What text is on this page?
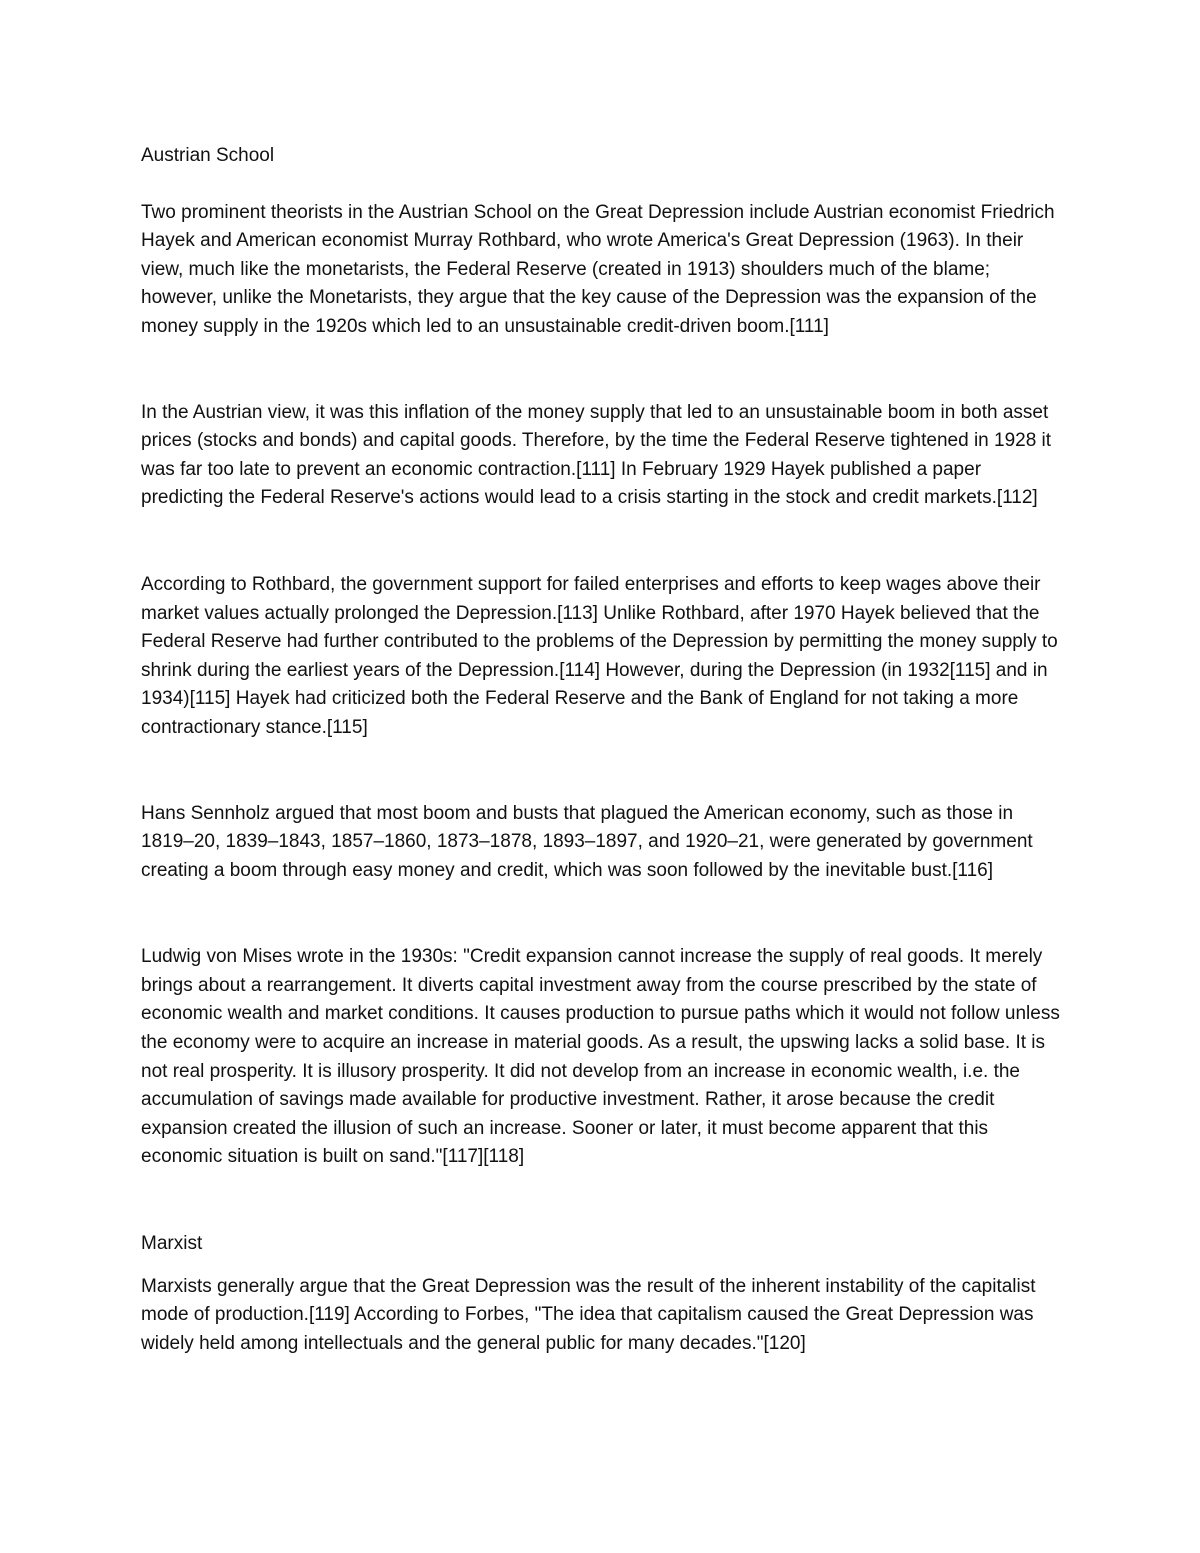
Austrian School

Two prominent theorists in the Austrian School on the Great Depression include Austrian economist Friedrich Hayek and American economist Murray Rothbard, who wrote America's Great Depression (1963). In their view, much like the monetarists, the Federal Reserve (created in 1913) shoulders much of the blame; however, unlike the Monetarists, they argue that the key cause of the Depression was the expansion of the money supply in the 1920s which led to an unsustainable credit-driven boom.[111]

In the Austrian view, it was this inflation of the money supply that led to an unsustainable boom in both asset prices (stocks and bonds) and capital goods. Therefore, by the time the Federal Reserve tightened in 1928 it was far too late to prevent an economic contraction.[111] In February 1929 Hayek published a paper predicting the Federal Reserve's actions would lead to a crisis starting in the stock and credit markets.[112]

According to Rothbard, the government support for failed enterprises and efforts to keep wages above their market values actually prolonged the Depression.[113] Unlike Rothbard, after 1970 Hayek believed that the Federal Reserve had further contributed to the problems of the Depression by permitting the money supply to shrink during the earliest years of the Depression.[114] However, during the Depression (in 1932[115] and in 1934)[115] Hayek had criticized both the Federal Reserve and the Bank of England for not taking a more contractionary stance.[115]

Hans Sennholz argued that most boom and busts that plagued the American economy, such as those in 1819–20, 1839–1843, 1857–1860, 1873–1878, 1893–1897, and 1920–21, were generated by government creating a boom through easy money and credit, which was soon followed by the inevitable bust.[116]

Ludwig von Mises wrote in the 1930s: "Credit expansion cannot increase the supply of real goods. It merely brings about a rearrangement. It diverts capital investment away from the course prescribed by the state of economic wealth and market conditions. It causes production to pursue paths which it would not follow unless the economy were to acquire an increase in material goods. As a result, the upswing lacks a solid base. It is not real prosperity. It is illusory prosperity. It did not develop from an increase in economic wealth, i.e. the accumulation of savings made available for productive investment. Rather, it arose because the credit expansion created the illusion of such an increase. Sooner or later, it must become apparent that this economic situation is built on sand."[117][118]

Marxist

Marxists generally argue that the Great Depression was the result of the inherent instability of the capitalist mode of production.[119] According to Forbes, "The idea that capitalism caused the Great Depression was widely held among intellectuals and the general public for many decades."[120]
